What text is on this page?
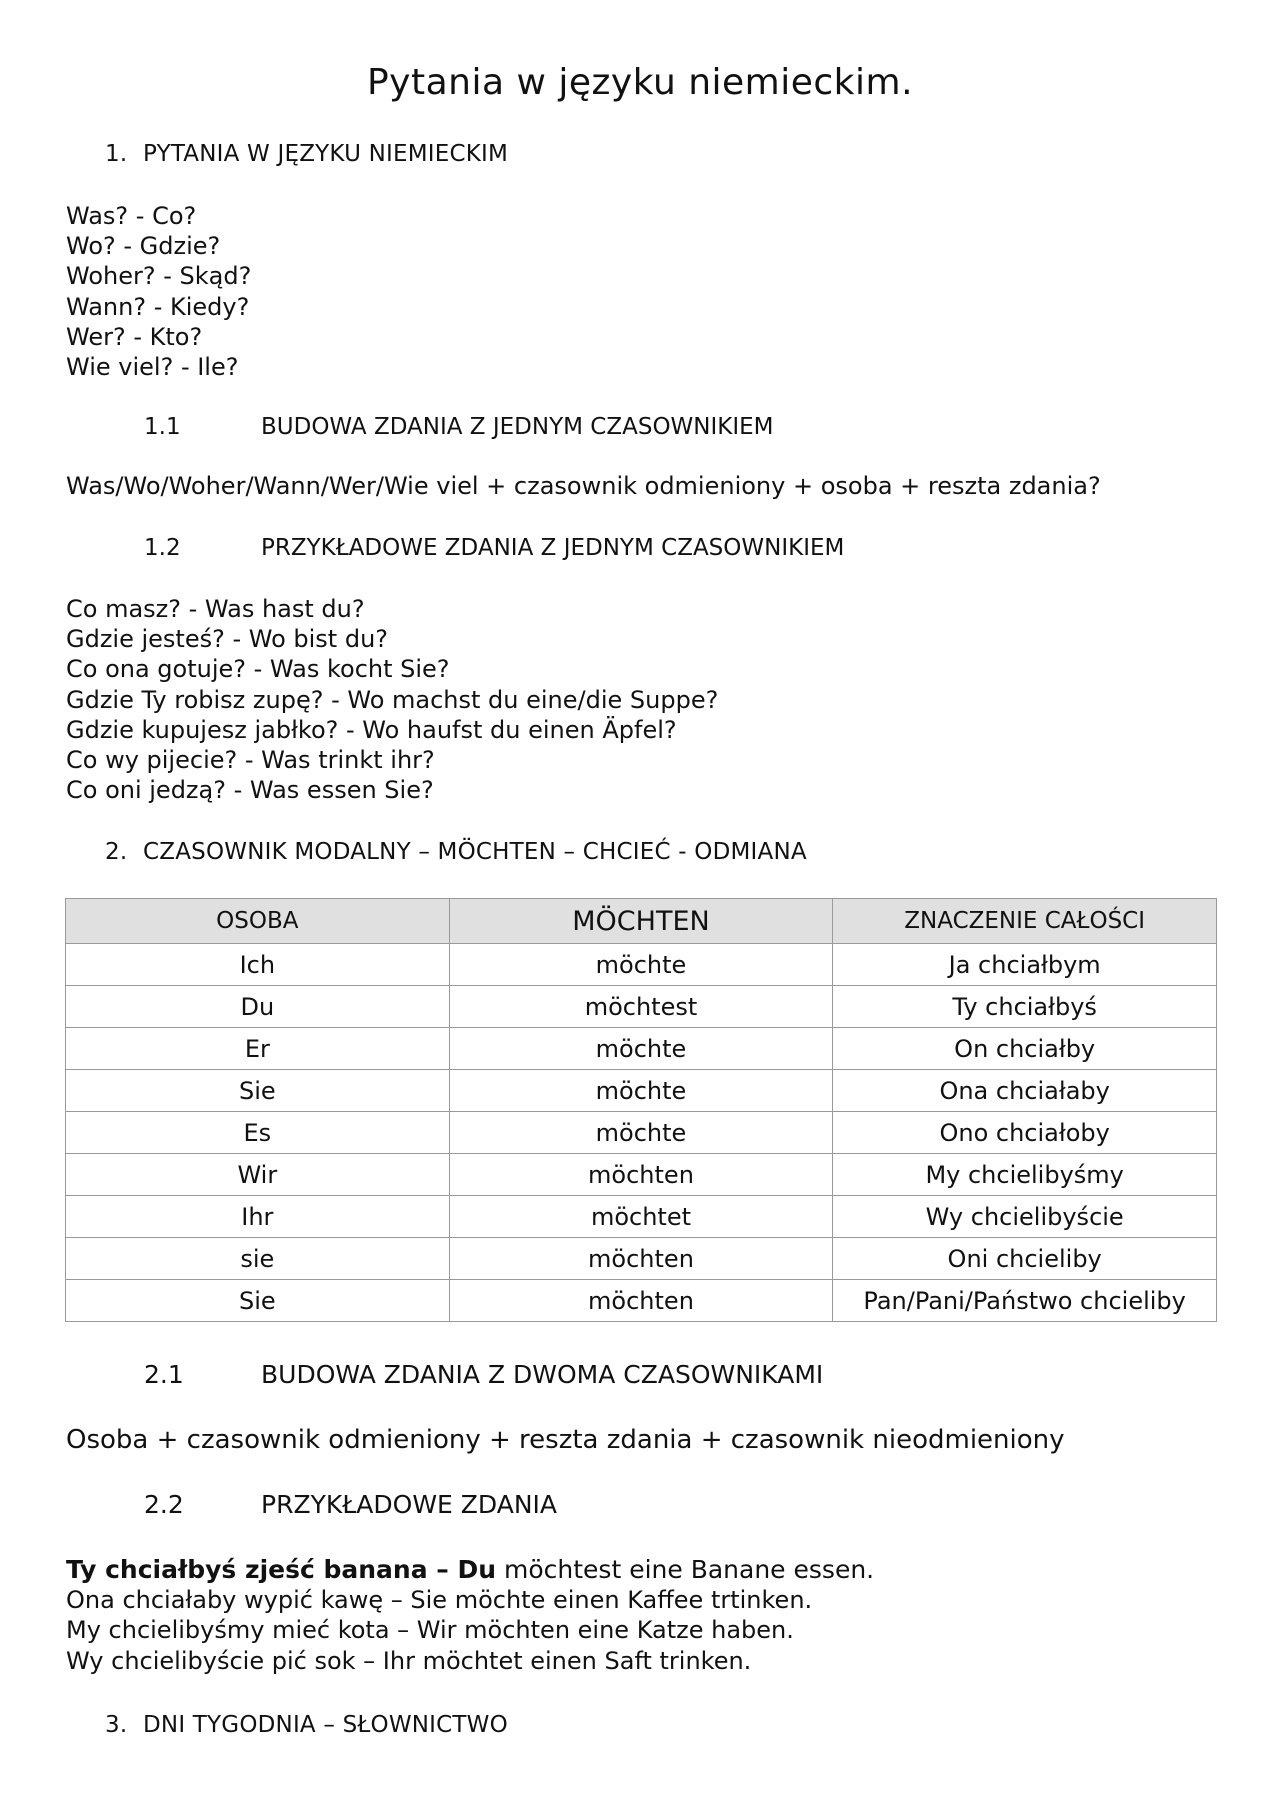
Pytania w języku niemieckim.
1. PYTANIA W JĘZYKU NIEMIECKIM
Was? - Co?
Wo? - Gdzie?
Woher? - Skąd?
Wann? - Kiedy?
Wer? - Kto?
Wie viel? - Ile?
1.1	BUDOWA ZDANIA Z JEDNYM CZASOWNIKIEM
Was/Wo/Woher/Wann/Wer/Wie viel + czasownik odmieniony + osoba + reszta zdania?
1.2	PRZYKŁADOWE ZDANIA Z JEDNYM CZASOWNIKIEM
Co masz? - Was hast du?
Gdzie jesteś? - Wo bist du?
Co ona gotuje? - Was kocht Sie?
Gdzie Ty robisz zupę? - Wo machst du eine/die Suppe?
Gdzie kupujesz jabłko? - Wo haufst du einen Äpfel?
Co wy pijecie? - Was trinkt ihr?
Co oni jedzą? - Was essen Sie?
2. CZASOWNIK MODALNY – MÖCHTEN – CHCIEĆ - ODMIANA
OSOBA	MÖCHTEN	ZNACZENIE CAŁOŚCI
Ich	möchte	Ja chciałbym
Du	möchtest	Ty chciałbyś
Er	möchte	On chciałby
Sie	möchte	Ona chciałaby
Es	möchte	Ono chciałoby
Wir	möchten	My chcielibyśmy
Ihr	möchtet	Wy chcielibyście
sie	möchten	Oni chcieliby
Sie	möchten	Pan/Pani/Państwo chcieliby
2.1	BUDOWA ZDANIA Z DWOMA CZASOWNIKAMI
Osoba + czasownik odmieniony + reszta zdania + czasownik nieodmieniony
2.2	PRZYKŁADOWE ZDANIA
Ty chciałbyś zjeść banana – Du möchtest eine Banane essen.
Ona chciałaby wypić kawę – Sie möchte einen Kaffee trtinken.
My chcielibyśmy mieć kota – Wir möchten eine Katze haben.
Wy chcielibyście pić sok – Ihr möchtet einen Saft trinken.
3. DNI TYGODNIA – SŁOWNICTWO
